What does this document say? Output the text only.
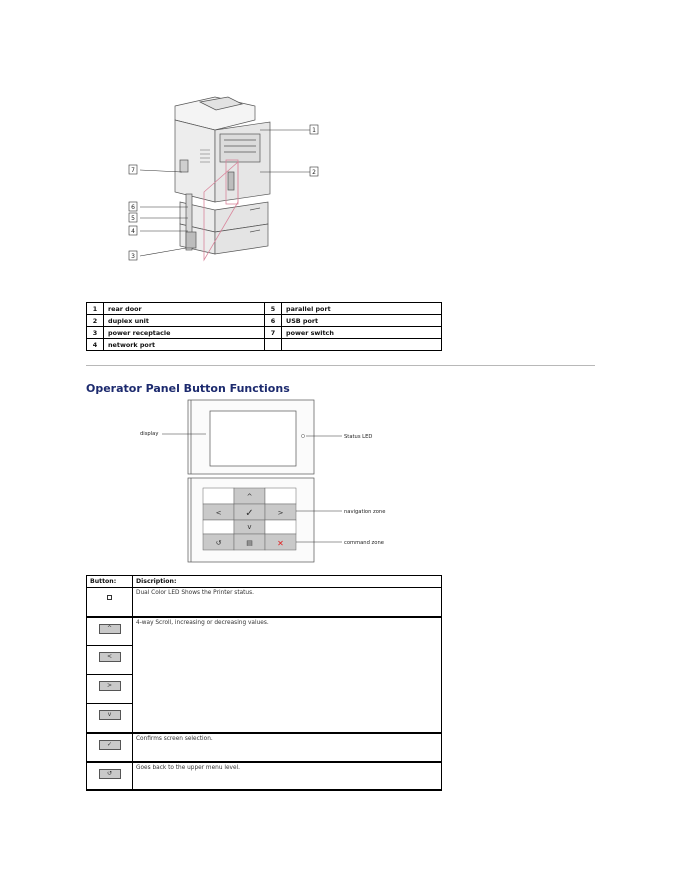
1
2
7
6
5
4
3
1	rear door	5	parallel port
2	duplex unit	6	USB port
3	power receptacle	7	power switch
4	network port		
Operator Panel Button Functions
^
< ✓	>
v
↺	▤	✕
display	Status LED
navigation zone
command zone
Button:	Discription:
	Dual Color LED Shows the Printer status.
^	4-way Scroll, increasing or decreasing values.
<	
>	
v	
✓	Confirms screen selection.
↺	Goes back to the upper menu level.
